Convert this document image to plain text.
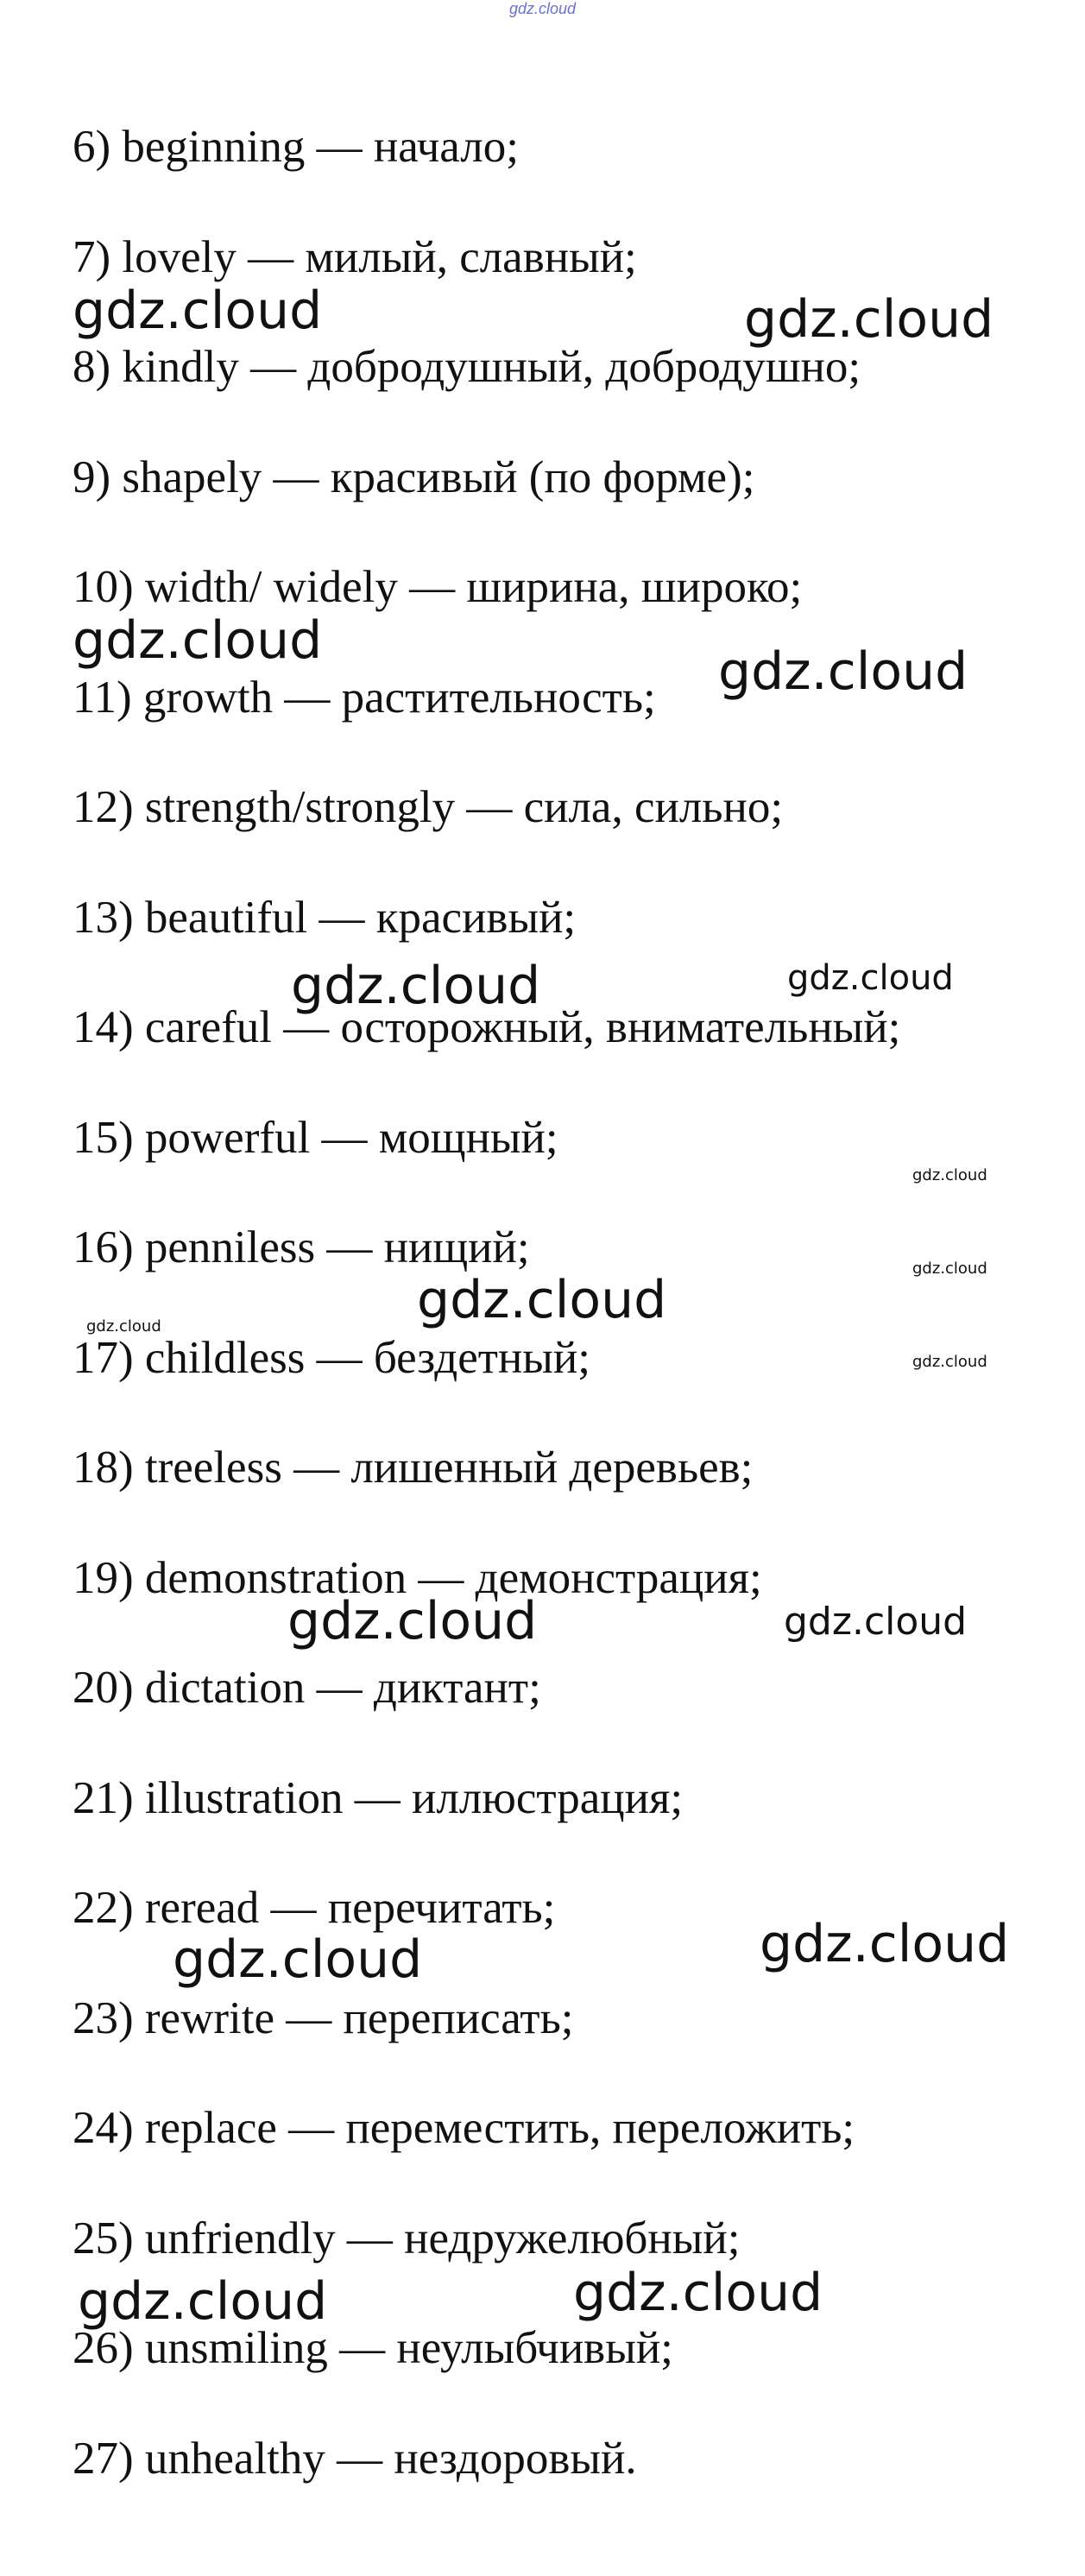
gdz.cloud
6) beginning — начало;
7) lovely — милый, славный;
8) kindly — добродушный, добродушно;
9) shapely — красивый (по форме);
10) width/ widely — ширина, широко;
11) growth — растительность;
12) strength/strongly — сила, сильно;
13) beautiful — красивый;
14) careful — осторожный, внимательный;
15) powerful — мощный;
16) penniless — нищий;
17) childless — бездетный;
18) treeless — лишенный деревьев;
19) demonstration — демонстрация;
20) dictation — диктант;
21) illustration — иллюстрация;
22) reread — перечитать;
23) rewrite — переписать;
24) replace — переместить, переложить;
25) unfriendly — недружелюбный;
26) unsmiling — неулыбчивый;
27) unhealthy — нездоровый.
gdz.cloud	gdz.cloud
gdz.cloud
gdz.cloud
gdz.cloud	gdz.cloud
gdz.cloud
gdz.cloud
gdz.cloud
gdz.cloud
gdz.cloud
gdz.cloud	gdz.cloud
gdz.cloud
gdz.cloud
gdz.cloud
gdz.cloud
